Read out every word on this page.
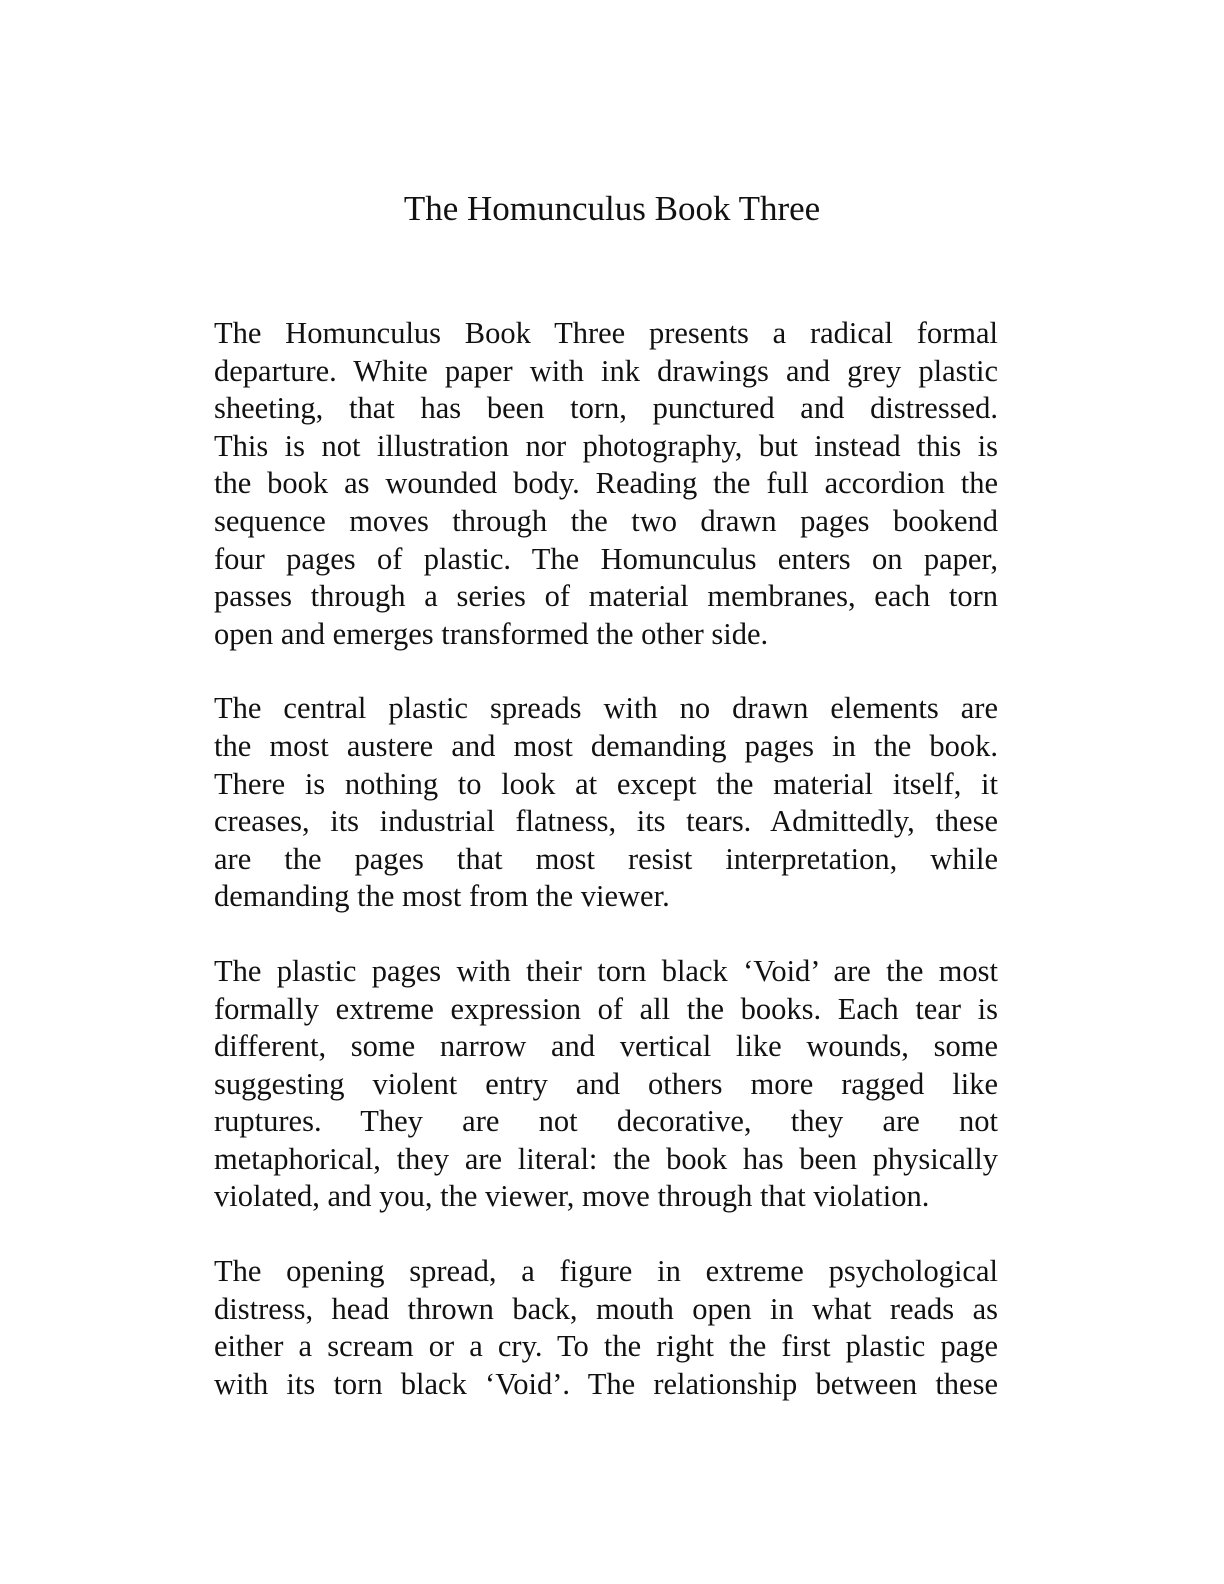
The Homunculus Book Three

The Homunculus Book Three presents a radical formal
departure. White paper with ink drawings and grey plastic
sheeting, that has been torn, punctured and distressed.
This is not illustration nor photography, but instead this is
the book as wounded body. Reading the full accordion the
sequence moves through the two drawn pages bookend
four pages of plastic. The Homunculus enters on paper,
passes through a series of material membranes, each torn
open and emerges transformed the other side.

The central plastic spreads with no drawn elements are
the most austere and most demanding pages in the book.
There is nothing to look at except the material itself, it
creases, its industrial flatness, its tears. Admittedly, these
are the pages that most resist interpretation, while
demanding the most from the viewer.

The plastic pages with their torn black ‘Void’ are the most
formally extreme expression of all the books. Each tear is
different, some narrow and vertical like wounds, some
suggesting violent entry and others more ragged like
ruptures. They are not decorative, they are not
metaphorical, they are literal: the book has been physically
violated, and you, the viewer, move through that violation.

The opening spread, a figure in extreme psychological
distress, head thrown back, mouth open in what reads as
either a scream or a cry. To the right the first plastic page
with its torn black ‘Void’. The relationship between these
